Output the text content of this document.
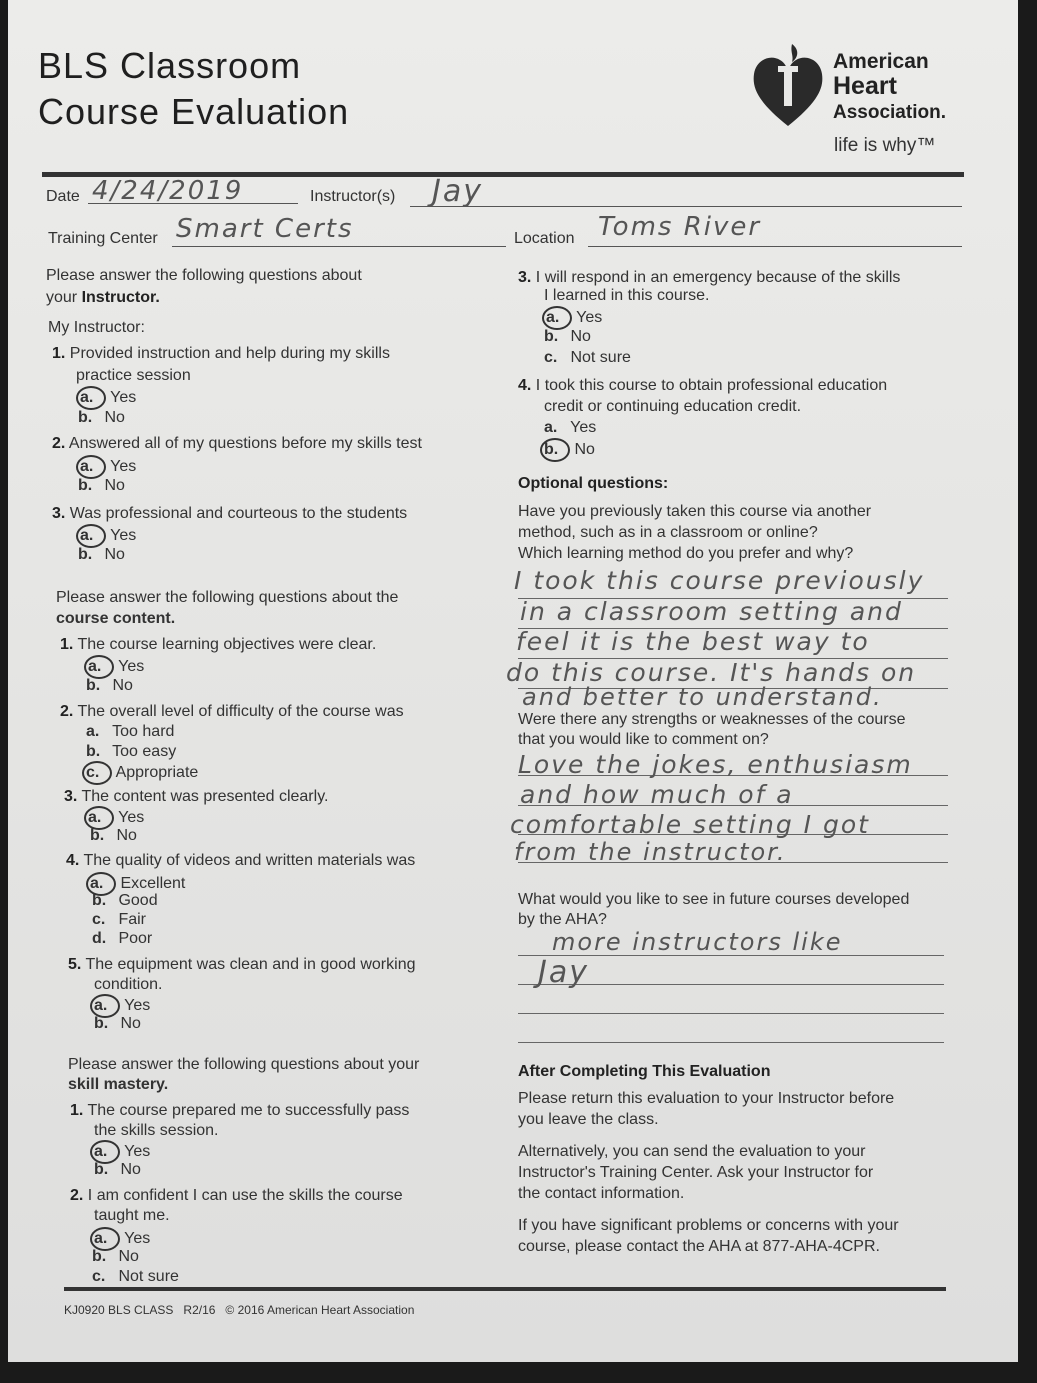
BLS Classroom
Course Evaluation
American
Heart
Association.
life is why™
Date 4/24/2019	Instructor(s) Jay
Training Center Smart Certs	Location Toms River
Please answer the following questions about
your Instructor.
My Instructor:
1. Provided instruction and help during my skills
practice session
a. Yes
b. No
2. Answered all of my questions before my skills test
a. Yes
b. No
3. Was professional and courteous to the students
a. Yes
b. No
Please answer the following questions about the
course content.
1. The course learning objectives were clear.
a. Yes
b. No
2. The overall level of difficulty of the course was
a. Too hard
b. Too easy
c. Appropriate
3. The content was presented clearly.
a. Yes
b. No
4. The quality of videos and written materials was
a. Excellent
b. Good
c. Fair
d. Poor
5. The equipment was clean and in good working
condition.
a. Yes
b. No
Please answer the following questions about your
skill mastery.
1. The course prepared me to successfully pass
the skills session.
a. Yes
b. No
2. I am confident I can use the skills the course
taught me.
a. Yes
b. No
c. Not sure
3. I will respond in an emergency because of the skills
I learned in this course.
a. Yes
b. No
c. Not sure
4. I took this course to obtain professional education
credit or continuing education credit.
a. Yes
b. No
Optional questions:
Have you previously taken this course via another
method, such as in a classroom or online?
Which learning method do you prefer and why?
I took this course previously
in a classroom setting and
feel it is the best way to
do this course. It's hands on
and better to understand.
Were there any strengths or weaknesses of the course
that you would like to comment on?
Love the jokes, enthusiasm
and how much of a
comfortable setting I got
from the instructor.
What would you like to see in future courses developed
by the AHA?
more instructors like
Jay
After Completing This Evaluation
Please return this evaluation to your Instructor before
you leave the class.
Alternatively, you can send the evaluation to your
Instructor's Training Center. Ask your Instructor for
the contact information.
If you have significant problems or concerns with your
course, please contact the AHA at 877-AHA-4CPR.
KJ0920 BLS CLASS   R2/16   © 2016 American Heart Association
